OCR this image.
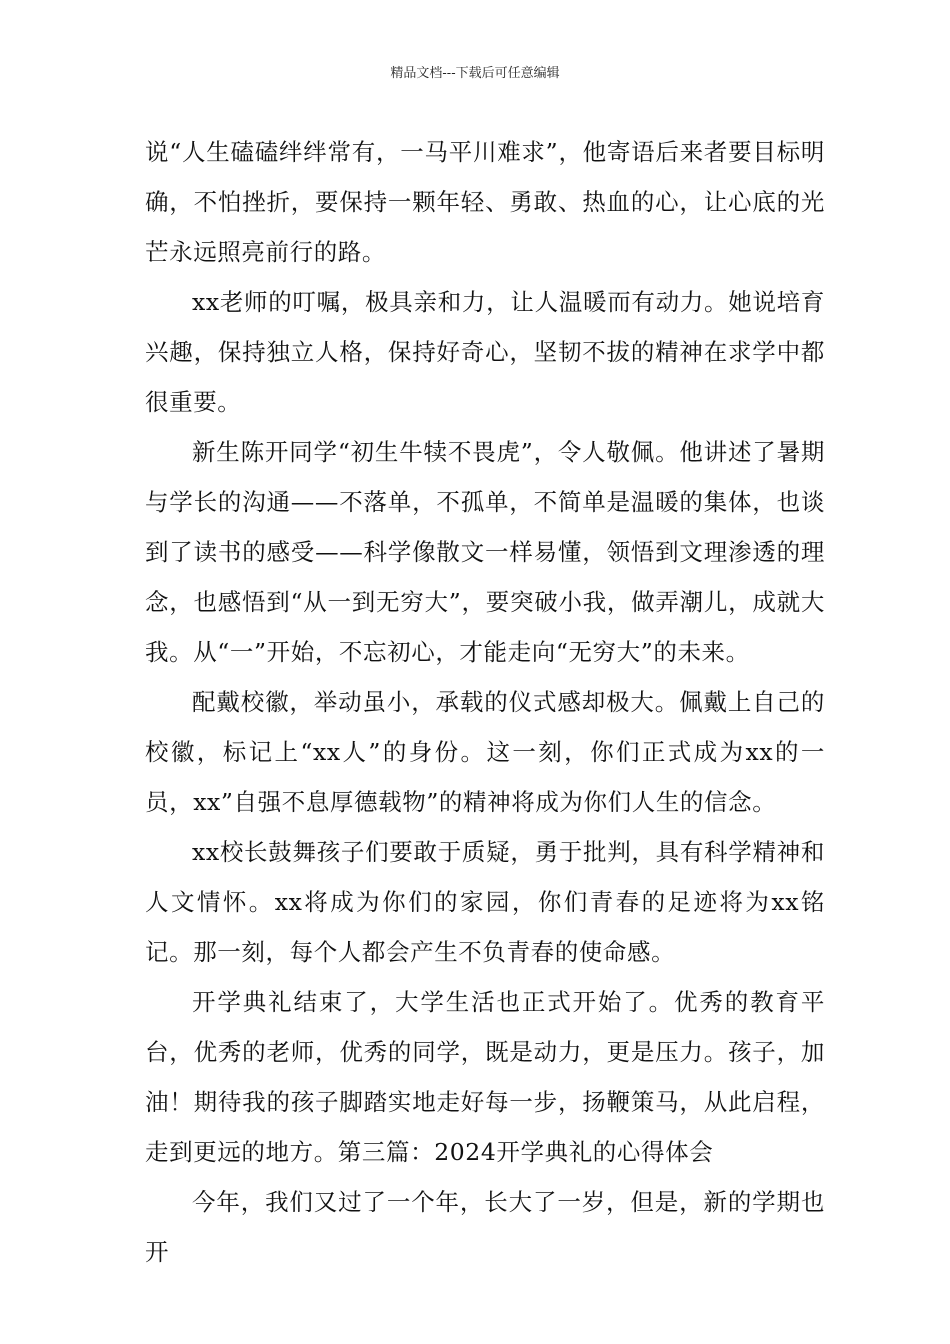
精品文档---下载后可任意编辑

说“人生磕磕绊绊常有，一马平川难求”，他寄语后来者要目标明确，不怕挫折，要保持一颗年轻、勇敢、热血的心，让心底的光芒永远照亮前行的路。

xx老师的叮嘱，极具亲和力，让人温暖而有动力。她说培育兴趣，保持独立人格，保持好奇心，坚韧不拔的精神在求学中都很重要。

新生陈开同学“初生牛犊不畏虎”，令人敬佩。他讲述了暑期与学长的沟通——不落单，不孤单，不简单是温暖的集体，也谈到了读书的感受——科学像散文一样易懂，领悟到文理渗透的理念，也感悟到“从一到无穷大”，要突破小我，做弄潮儿，成就大我。从“一”开始，不忘初心，才能走向“无穷大”的未来。

配戴校徽，举动虽小，承载的仪式感却极大。佩戴上自己的校徽，标记上“xx人”的身份。这一刻，你们正式成为xx的一员，xx”自强不息厚德载物”的精神将成为你们人生的信念。

xx校长鼓舞孩子们要敢于质疑，勇于批判，具有科学精神和人文情怀。xx将成为你们的家园，你们青春的足迹将为xx铭记。那一刻，每个人都会产生不负青春的使命感。

开学典礼结束了，大学生活也正式开始了。优秀的教育平台，优秀的老师，优秀的同学，既是动力，更是压力。孩子，加油！期待我的孩子脚踏实地走好每一步，扬鞭策马，从此启程，走到更远的地方。第三篇：2024开学典礼的心得体会

今年，我们又过了一个年，长大了一岁，但是，新的学期也开
